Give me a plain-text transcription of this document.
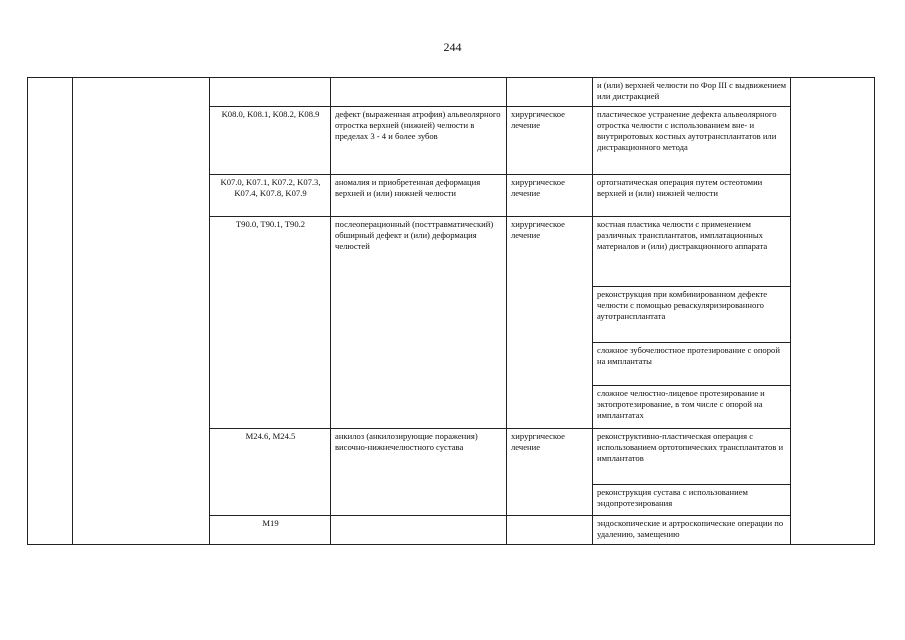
244
					и (или) верхней челюсти по Фор III с выдвижением или дистракцией	
		K08.0, K08.1, K08.2, K08.9	дефект (выраженная атрофия) альвеолярного отростка верхней (нижней) челюсти в пределах 3 - 4 и более зубов	хирургическое лечение	пластическое устранение дефекта альвеолярного отростка челюсти с использованием вне- и внутриротовых костных аутотрансплантатов или дистракционного метода	
		K07.0, K07.1, K07.2, K07.3, K07.4, K07.8, K07.9	аномалия и приобретенная деформация верхней и (или) нижней челюсти	хирургическое лечение	ортогнатическая операция путем остеотомии верхней и (или) нижней челюсти	
		T90.0, T90.1, T90.2	послеоперационный (посттравматический) обширный дефект и (или) деформация челюстей	хирургическое лечение	костная пластика челюсти с применением различных трансплантатов, имплатационных материалов и (или) дистракционного аппарата	
					реконструкция при комбинированном дефекте челюсти с помощью реваскуляризированного аутотрансплантата	
					сложное зубочелюстное протезирование с опорой на имплантаты	
					сложное челюстно-лицевое протезирование и эктопротезирование, в том числе с опорой на имплантатах	
		M24.6, M24.5	анкилоз (анкилозирующие поражения) височно-нижнечелюстного сустава	хирургическое лечение	реконструктивно-пластическая операция с использованием ортотопических трансплантатов и имплантатов	
					реконструкция сустава с использованием эндопротезирования	
		M19			эндоскопические и артроскопические операции по удалению, замещению	
